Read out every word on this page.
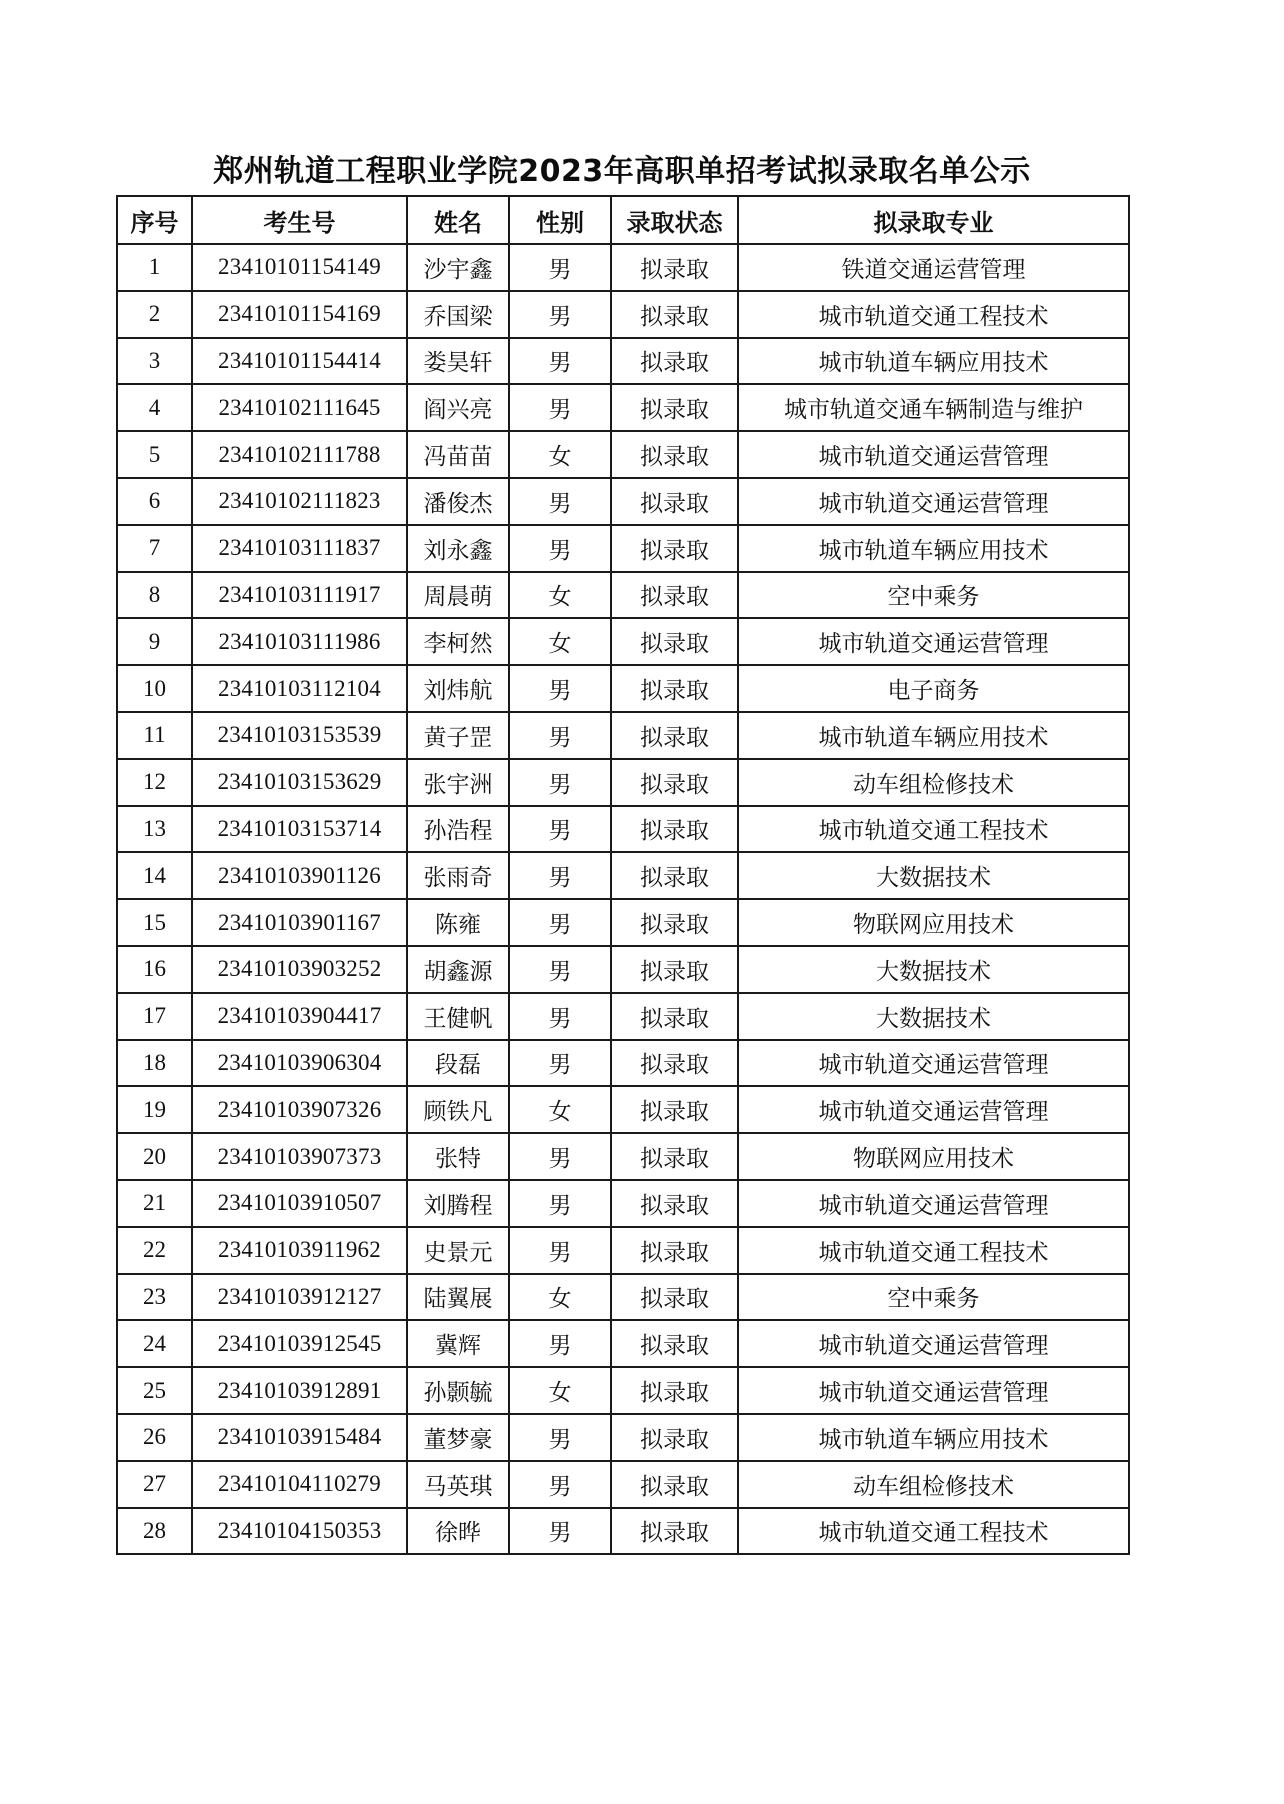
郑州轨道工程职业学院2023年高职单招考试拟录取名单公示
序号	考生号	姓名	性别	录取状态	拟录取专业
1	23410101154149	沙宇鑫	男	拟录取	铁道交通运营管理
2	23410101154169	乔国梁	男	拟录取	城市轨道交通工程技术
3	23410101154414	娄昊轩	男	拟录取	城市轨道车辆应用技术
4	23410102111645	阎兴亮	男	拟录取	城市轨道交通车辆制造与维护
5	23410102111788	冯苗苗	女	拟录取	城市轨道交通运营管理
6	23410102111823	潘俊杰	男	拟录取	城市轨道交通运营管理
7	23410103111837	刘永鑫	男	拟录取	城市轨道车辆应用技术
8	23410103111917	周晨萌	女	拟录取	空中乘务
9	23410103111986	李柯然	女	拟录取	城市轨道交通运营管理
10	23410103112104	刘炜航	男	拟录取	电子商务
11	23410103153539	黄子罡	男	拟录取	城市轨道车辆应用技术
12	23410103153629	张宇洲	男	拟录取	动车组检修技术
13	23410103153714	孙浩程	男	拟录取	城市轨道交通工程技术
14	23410103901126	张雨奇	男	拟录取	大数据技术
15	23410103901167	陈雍	男	拟录取	物联网应用技术
16	23410103903252	胡鑫源	男	拟录取	大数据技术
17	23410103904417	王健帆	男	拟录取	大数据技术
18	23410103906304	段磊	男	拟录取	城市轨道交通运营管理
19	23410103907326	顾铁凡	女	拟录取	城市轨道交通运营管理
20	23410103907373	张特	男	拟录取	物联网应用技术
21	23410103910507	刘腾程	男	拟录取	城市轨道交通运营管理
22	23410103911962	史景元	男	拟录取	城市轨道交通工程技术
23	23410103912127	陆翼展	女	拟录取	空中乘务
24	23410103912545	冀辉	男	拟录取	城市轨道交通运营管理
25	23410103912891	孙颢毓	女	拟录取	城市轨道交通运营管理
26	23410103915484	董梦豪	男	拟录取	城市轨道车辆应用技术
27	23410104110279	马英琪	男	拟录取	动车组检修技术
28	23410104150353	徐晔	男	拟录取	城市轨道交通工程技术
